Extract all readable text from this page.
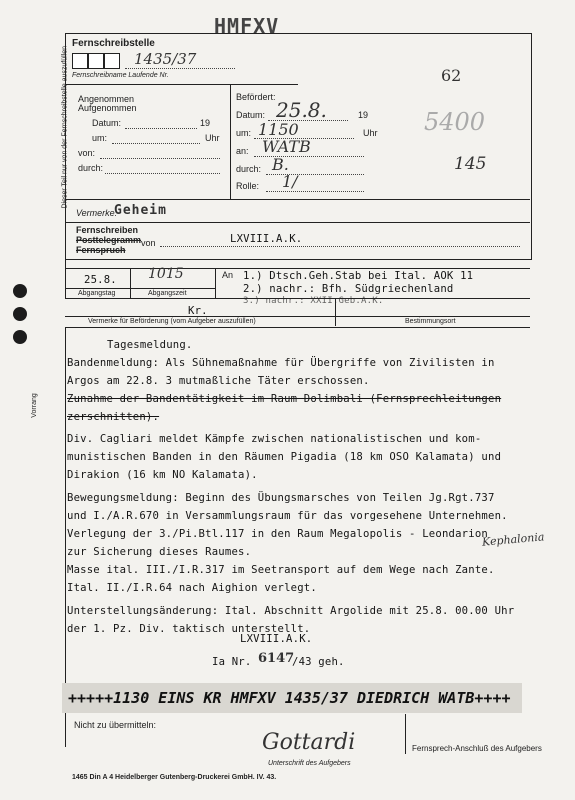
HMFXV
Dieser Teil nur von der Fernschreibstelle auszufüllen
Fernschreibstelle
1435/37
Fernschreibname Laufende Nr.	62
Angenommen
Aufgenommen
Datum:	19
um:	Uhr
von:
durch:
Befördert:
Datum: 25.8.	19
um: 1150	Uhr
an: WATB
durch: B.
Rolle: 1/
5400
145
Vermerke:
Geheim
Fernschreiben
Posttelegramm
Fernspruch
von	LXVIII.A.K.
25.8. 1015
Abgangstag	Abgangszeit
An 1.) Dtsch.Geh.Stab bei Ital. AOK 11
2.) nachr.: Bfh. Südgriechenland
3.) nachr.: XXII.Geb.A.K.
Kr.
Vermerke für Beförderung (vom Aufgeber auszufüllen)	Bestimmungsort
Vorrang
Tagesmeldung.
Bandenmeldung: Als Sühnemaßnahme für Übergriffe von Zivilisten in
Argos am 22.8. 3 mutmaßliche Täter erschossen.
Zunahme der Bandentätigkeit im Raum Dolimbali (Fernsprechleitungen
zerschnitten).
Div. Cagliari meldet Kämpfe zwischen nationalistischen und kom-
munistischen Banden in den Räumen Pigadia (18 km OSO Kalamata) und
Dirakion (16 km NO Kalamata).
Bewegungsmeldung: Beginn des Übungsmarsches von Teilen Jg.Rgt.737
und I./A.R.670 in Versammlungsraum für das vorgesehene Unternehmen.
Verlegung der 3./Pi.Btl.117 in den Raum Megalopolis - Leondarion
zur Sicherung dieses Raumes.
Masse ital. III./I.R.317 im Seetransport auf dem Wege nach Zante.
Ital. II./I.R.64 nach Aighion verlegt.
Unterstellungsänderung: Ital. Abschnitt Argolide mit 25.8. 00.00 Uhr
der 1. Pz. Div. taktisch unterstellt.
Kephalonia
LXVIII.A.K.
Ia Nr. 6147
/43 geh.
+++++1130 EINS KR HMFXV 1435/37 DIEDRICH WATB++++
Nicht zu übermitteln:
Gottardi
Unterschrift des Aufgebers
Fernsprech-Anschluß des Aufgebers
1465 Din A 4 Heidelberger Gutenberg-Druckerei GmbH. IV. 43.
